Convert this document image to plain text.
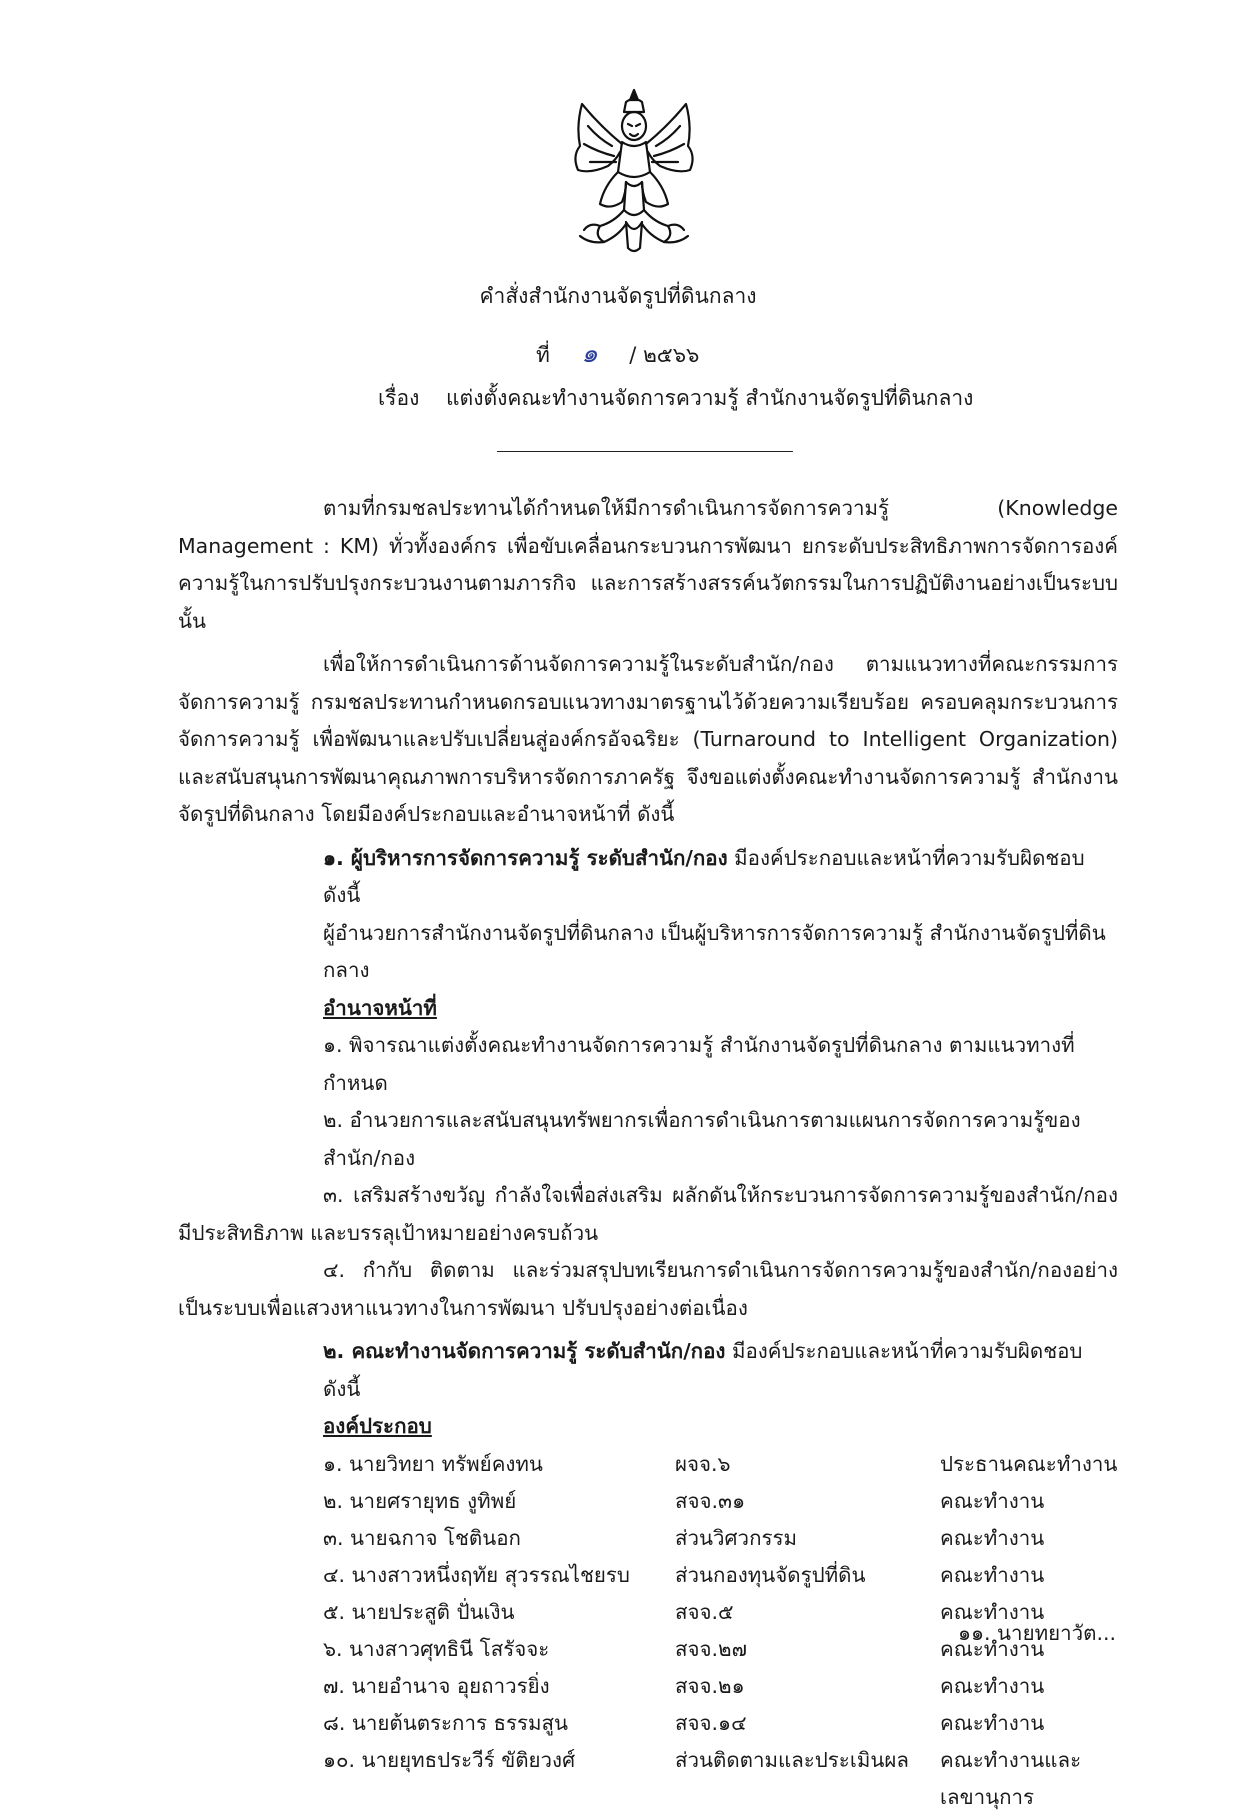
คำสั่งสำนักงานจัดรูปที่ดินกลาง
ที่ ๑ / ๒๕๖๖
เรื่อง แต่งตั้งคณะทำงานจัดการความรู้ สำนักงานจัดรูปที่ดินกลาง
ตามที่กรมชลประทานได้กำหนดให้มีการดำเนินการจัดการความรู้ (Knowledge Management : KM) ทั่วทั้งองค์กร เพื่อขับเคลื่อนกระบวนการพัฒนา ยกระดับประสิทธิภาพการจัดการองค์ความรู้ในการปรับปรุงกระบวนงานตามภารกิจ และการสร้างสรรค์นวัตกรรมในการปฏิบัติงานอย่างเป็นระบบ นั้น
เพื่อให้การดำเนินการด้านจัดการความรู้ในระดับสำนัก/กอง ตามแนวทางที่คณะกรรมการจัดการความรู้ กรมชลประทานกำหนดกรอบแนวทางมาตรฐานไว้ด้วยความเรียบร้อย ครอบคลุมกระบวนการจัดการความรู้ เพื่อพัฒนาและปรับเปลี่ยนสู่องค์กรอัจฉริยะ (Turnaround to Intelligent Organization) และสนับสนุนการพัฒนาคุณภาพการบริหารจัดการภาครัฐ จึงขอแต่งตั้งคณะทำงานจัดการความรู้ สำนักงานจัดรูปที่ดินกลาง โดยมีองค์ประกอบและอำนาจหน้าที่ ดังนี้
๑. ผู้บริหารการจัดการความรู้ ระดับสำนัก/กอง มีองค์ประกอบและหน้าที่ความรับผิดชอบ ดังนี้
ผู้อำนวยการสำนักงานจัดรูปที่ดินกลาง เป็นผู้บริหารการจัดการความรู้ สำนักงานจัดรูปที่ดินกลาง
อำนาจหน้าที่
๑. พิจารณาแต่งตั้งคณะทำงานจัดการความรู้ สำนักงานจัดรูปที่ดินกลาง ตามแนวทางที่กำหนด
๒. อำนวยการและสนับสนุนทรัพยากรเพื่อการดำเนินการตามแผนการจัดการความรู้ของสำนัก/กอง
๓. เสริมสร้างขวัญ กำลังใจเพื่อส่งเสริม ผลักดันให้กระบวนการจัดการความรู้ของสำนัก/กองมีประสิทธิภาพ และบรรลุเป้าหมายอย่างครบถ้วน
๔. กำกับ ติดตาม และร่วมสรุปบทเรียนการดำเนินการจัดการความรู้ของสำนัก/กองอย่างเป็นระบบเพื่อแสวงหาแนวทางในการพัฒนา ปรับปรุงอย่างต่อเนื่อง
๒. คณะทำงานจัดการความรู้ ระดับสำนัก/กอง มีองค์ประกอบและหน้าที่ความรับผิดชอบ ดังนี้
องค์ประกอบ
๑. นายวิทยา ทรัพย์คงทน	ผจจ.๖	ประธานคณะทำงาน
๒. นายศรายุทธ งูทิพย์	สจจ.๓๑	คณะทำงาน
๓. นายฉกาจ โชตินอก	ส่วนวิศวกรรม	คณะทำงาน
๔. นางสาวหนึ่งฤทัย สุวรรณไชยรบ ส่วนกองทุนจัดรูปที่ดิน	คณะทำงาน
๕. นายประสูติ ปั่นเงิน	สจจ.๕	คณะทำงาน
๖. นางสาวศุทธินี โสรัจจะ	สจจ.๒๗	คณะทำงาน
๗. นายอำนาจ อุยถาวรยิ่ง	สจจ.๒๑	คณะทำงาน
๘. นายต้นตระการ ธรรมสูน	สจจ.๑๔	คณะทำงาน
๑๐. นายยุทธประวีร์ ขัติยวงศ์	ส่วนติดตามและประเมินผล คณะทำงานและ
เลขานุการ
๑๑. นายทยาวัต...
